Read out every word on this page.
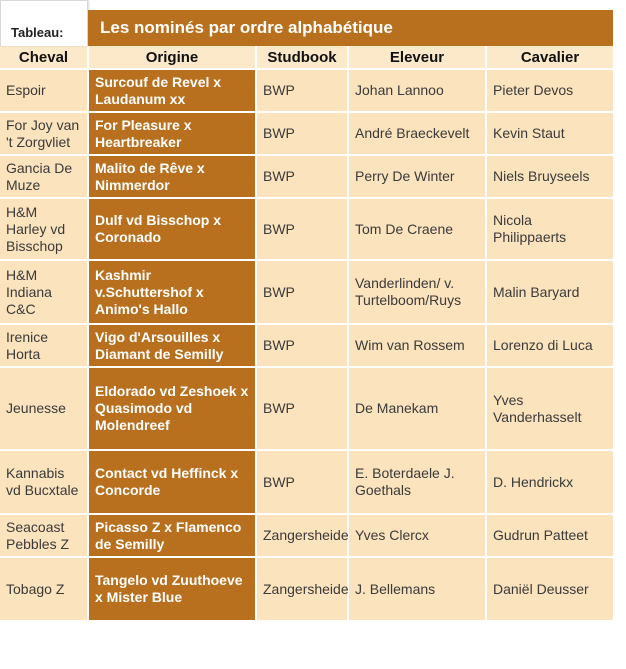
Tableau: Les nominés par ordre alphabétique
Cheval	Origine	Studbook	Eleveur	Cavalier
Espoir	Surcouf de Revel x Laudanum xx	BWP	Johan Lannoo	Pieter Devos
For Joy van 't Zorgvliet	For Pleasure x Heartbreaker	BWP	André Braeckevelt	Kevin Staut
Gancia De Muze	Malito de Rêve x Nimmerdor	BWP	Perry De Winter	Niels Bruyseels
H&M Harley vd Bisschop	Dulf vd Bisschop x Coronado	BWP	Tom De Craene	Nicola Philippaerts
H&M Indiana C&C	Kashmir v.Schuttershof x Animo's Hallo	BWP	Vanderlinden/ v. Turtelboom/Ruys	Malin Baryard
Irenice Horta	Vigo d'Arsouilles x Diamant de Semilly	BWP	Wim van Rossem	Lorenzo di Luca
Jeunesse	Eldorado vd Zeshoek x Quasimodo vd Molendreef	BWP	De Manekam	Yves Vanderhasselt
Kannabis vd Bucxtale	Contact vd Heffinck x Concorde	BWP	E. Boterdaele J. Goethals	D. Hendrickx
Seacoast Pebbles Z	Picasso Z x Flamenco de Semilly	Zangersheide	Yves Clercx	Gudrun Patteet
Tobago Z	Tangelo vd Zuuthoeve x Mister Blue	Zangersheide	J. Bellemans	Daniël Deusser
